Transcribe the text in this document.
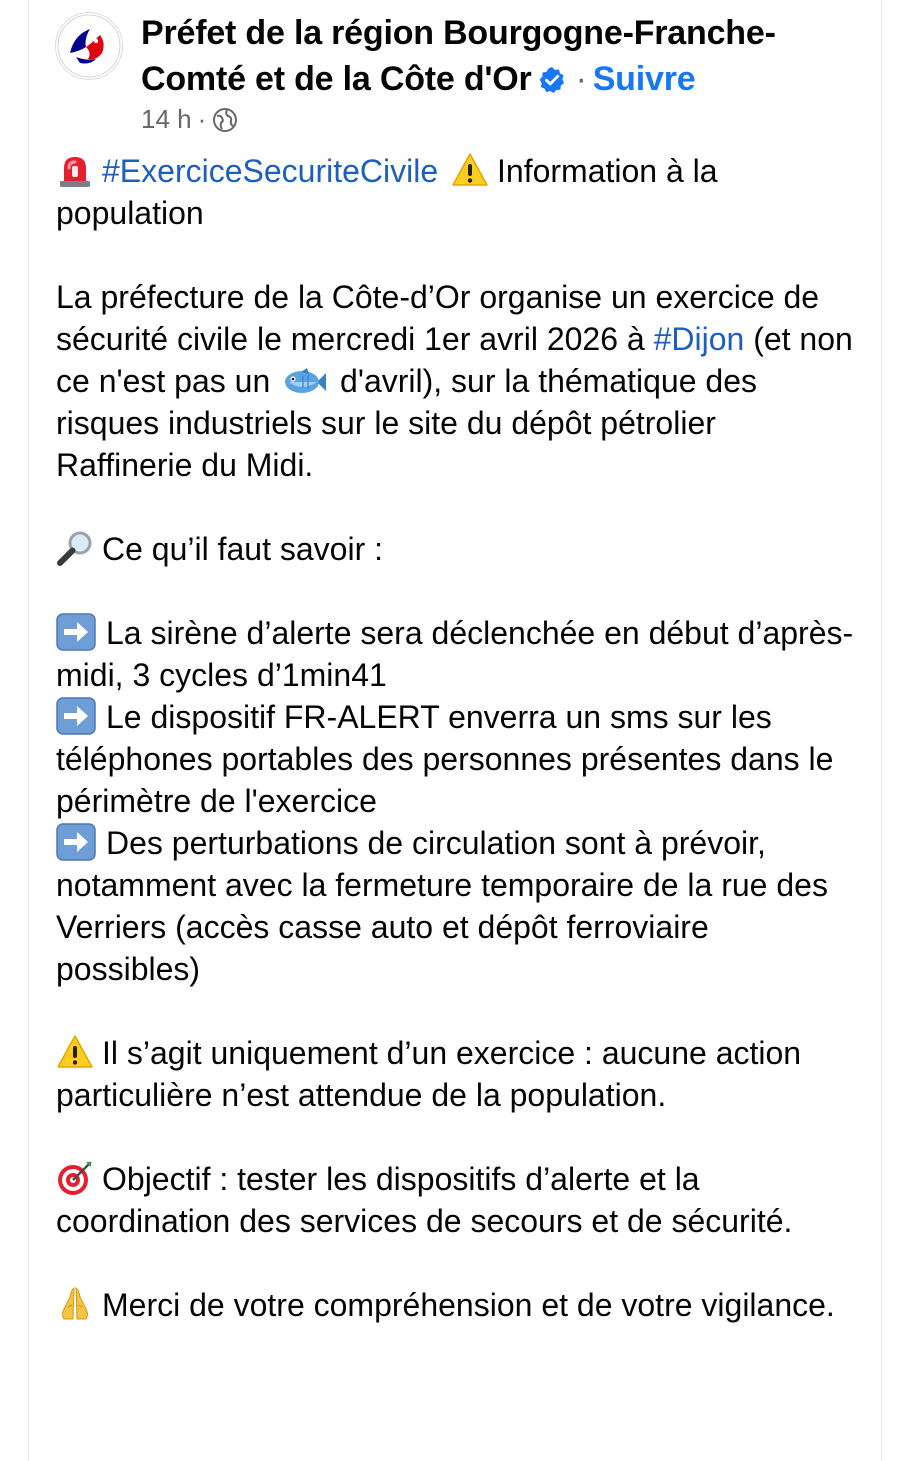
Préfet de la région Bourgogne-Franche-
Comté et de la Côte d'Or · Suivre
14 h ·

#ExerciceSecuriteCivile Information à la population

La préfecture de la Côte-d’Or organise un exercice de sécurité civile le mercredi 1er avril 2026 à #Dijon (et non ce n'est pas un  d'avril), sur la thématique des risques industriels sur le site du dépôt pétrolier Raffinerie du Midi.

Ce qu’il faut savoir :

La sirène d’alerte sera déclenchée en début d’après-midi, 3 cycles d’1min41

Le dispositif FR-ALERT enverra un sms sur les téléphones portables des personnes présentes dans le périmètre de l'exercice

Des perturbations de circulation sont à prévoir, notamment avec la fermeture temporaire de la rue des Verriers (accès casse auto et dépôt ferroviaire possibles)

Il s’agit uniquement d’un exercice : aucune action particulière n’est attendue de la population.

Objectif : tester les dispositifs d’alerte et la coordination des services de secours et de sécurité.

Merci de votre compréhension et de votre vigilance.
